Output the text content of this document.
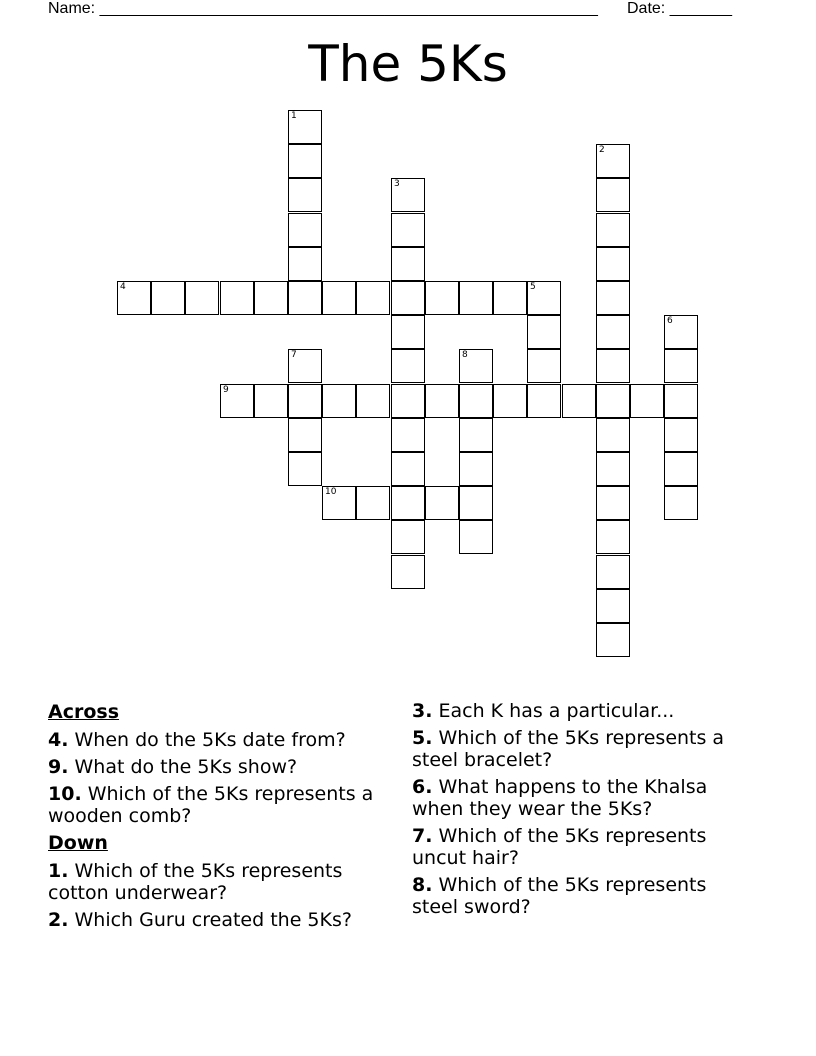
Name: ________________________________________________________ Date: _______
The 5Ks
1
2
3
4	5
6
7	8
9
10
Across
4. When do the 5Ks date from?
9. What do the 5Ks show?
10. Which of the 5Ks represents a wooden comb?
Down
1. Which of the 5Ks represents cotton underwear?
2. Which Guru created the 5Ks?
3. Each K has a particular...
5. Which of the 5Ks represents a steel bracelet?
6. What happens to the Khalsa when they wear the 5Ks?
7. Which of the 5Ks represents uncut hair?
8. Which of the 5Ks represents steel sword?
